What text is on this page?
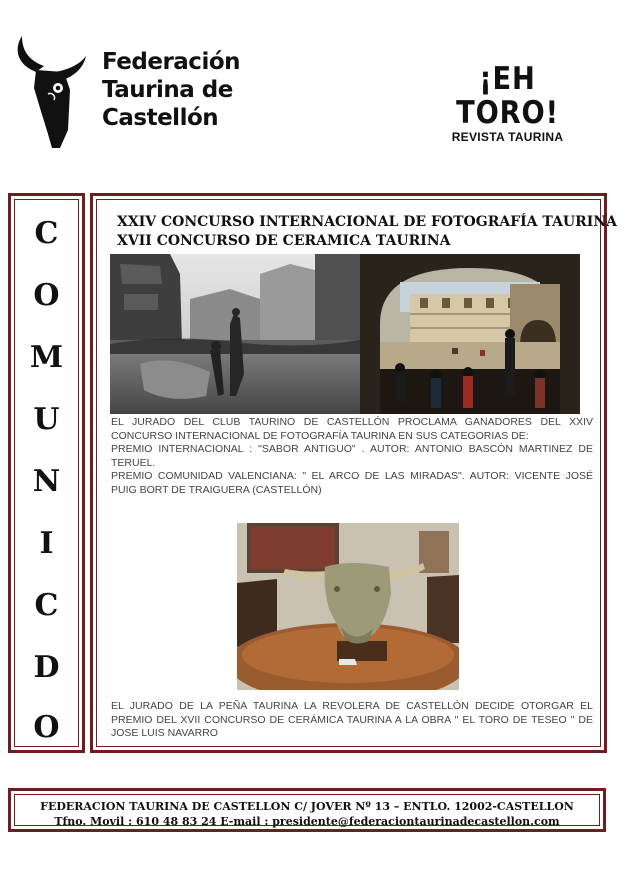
Federación
Taurina de
Castellón
¡EH TORO!
REVISTA TAURINA
C
O
M
U
N
I
C
D
O
XXIV CONCURSO INTERNACIONAL DE FOTOGRAFÍA TAURINA
XVII CONCURSO DE CERAMICA TAURINA
EL JURADO DEL CLUB TAURINO DE CASTELLÓN PROCLAMA GANADORES DEL XXIV CONCURSO INTERNACIONAL DE FOTOGRAFÍA TAURINA EN SUS CATEGORIAS DE:
PREMIO INTERNACIONAL : "SABOR ANTIGUO" . AUTOR: ANTONIO BASCÓN MARTINEZ DE TERUEL.
PREMIO COMUNIDAD VALENCIANA: " EL ARCO DE LAS MIRADAS". AUTOR: VICENTE JOSÉ PUIG BORT DE TRAIGUERA (CASTELLÓN)
EL JURADO DE LA PEÑA TAURINA LA REVOLERA DE CASTELLÓN DECIDE OTORGAR EL PREMIO DEL XVII CONCURSO DE CERÁMICA TAURINA A LA OBRA " EL TORO DE TESEO " DE JOSE LUIS NAVARRO
FEDERACION TAURINA DE CASTELLON C/ JOVER Nº 13 – ENTLO. 12002-CASTELLON
Tfno. Movil : 610 48 83 24 E-mail : presidente@federaciontaurinadecastellon.com
